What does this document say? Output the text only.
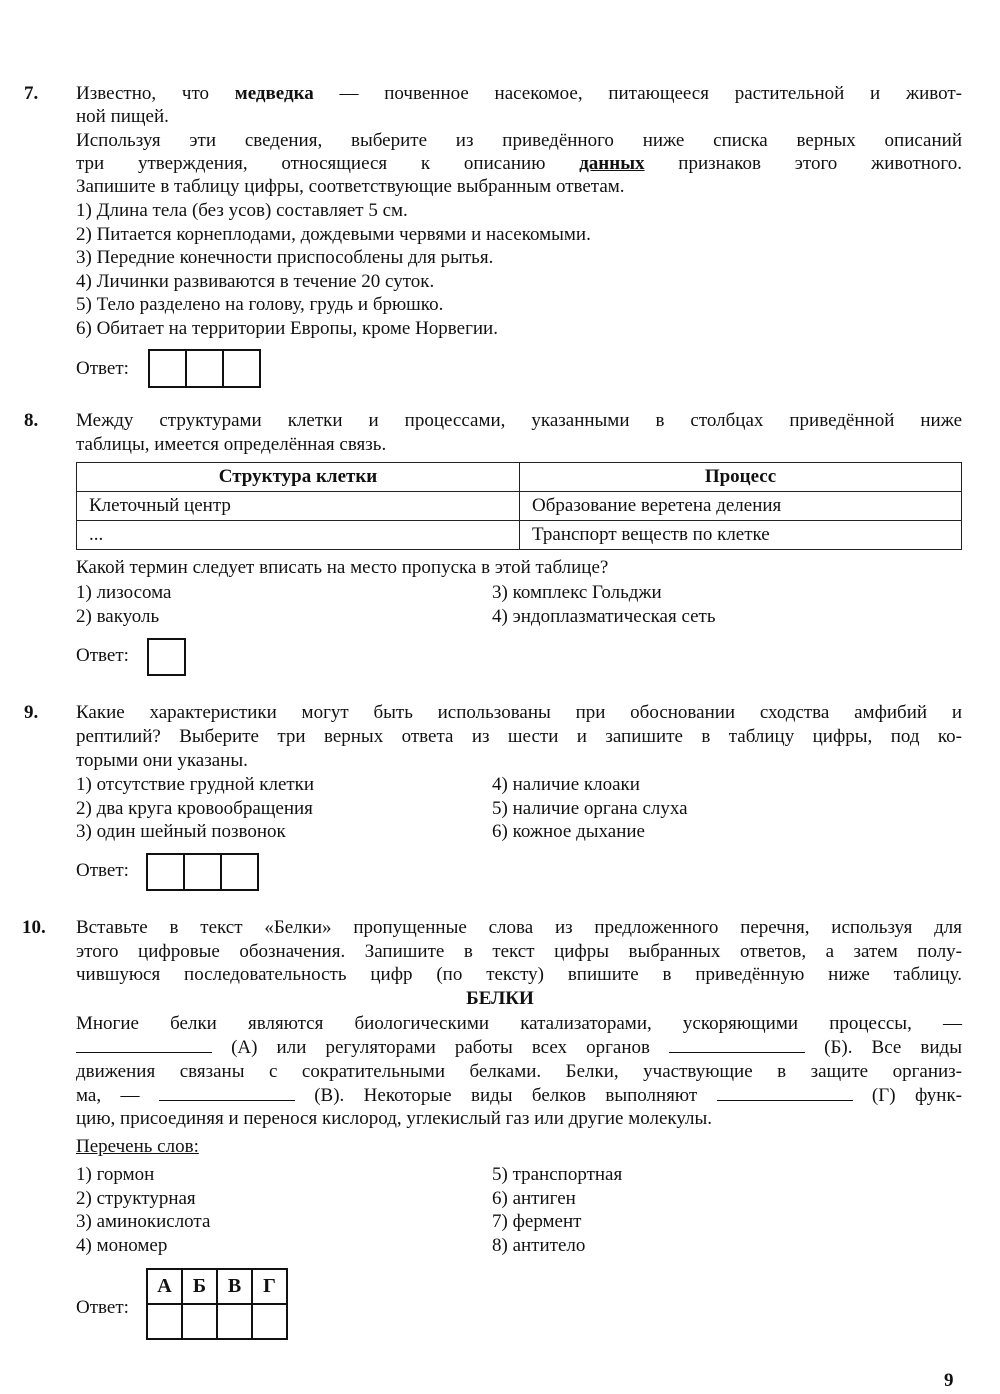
7. Известно, что медведка — почвенное насекомое, питающееся растительной и живот-
ной пищей.
Используя эти сведения, выберите из приведённого ниже списка верных описаний
три утверждения, относящиеся к описанию данных признаков этого животного.
Запишите в таблицу цифры, соответствующие выбранным ответам.
1) Длина тела (без усов) составляет 5 см.
2) Питается корнеплодами, дождевыми червями и насекомыми.
3) Передние конечности приспособлены для рытья.
4) Личинки развиваются в течение 20 суток.
5) Тело разделено на голову, грудь и брюшко.
6) Обитает на территории Европы, кроме Норвегии.
Ответ:
8. Между структурами клетки и процессами, указанными в столбцах приведённой ниже
таблицы, имеется определённая связь.
Структура клетки	Процесс
Клеточный центр	Образование веретена деления
...	Транспорт веществ по клетке
Какой термин следует вписать на место пропуска в этой таблице?
1) лизосома
2) вакуоль
3) комплекс Гольджи
4) эндоплазматическая сеть
Ответ:
9. Какие характеристики могут быть использованы при обосновании сходства амфибий и
рептилий? Выберите три верных ответа из шести и запишите в таблицу цифры, под ко-
торыми они указаны.
1) отсутствие грудной клетки
2) два круга кровообращения
3) один шейный позвонок
4) наличие клоаки
5) наличие органа слуха
6) кожное дыхание
Ответ:
10. Вставьте в текст «Белки» пропущенные слова из предложенного перечня, используя для
этого цифровые обозначения. Запишите в текст цифры выбранных ответов, а затем полу-
чившуюся последовательность цифр (по тексту) впишите в приведённую ниже таблицу.
БЕЛКИ
Многие белки являются биологическими катализаторами, ускоряющими процессы, —
(А) или регуляторами работы всех органов	(Б). Все виды
движения связаны с сократительными белками. Белки, участвующие в защите организ-
ма, —	(В). Некоторые виды белков выполняют	(Г) функ-
цию, присоединяя и перенося кислород, углекислый газ или другие молекулы.
Перечень слов:
1) гормон
2) структурная
3) аминокислота
4) мономер
5) транспортная
6) антиген
7) фермент
8) антитело
Ответ:
А	Б	В	Г

9
